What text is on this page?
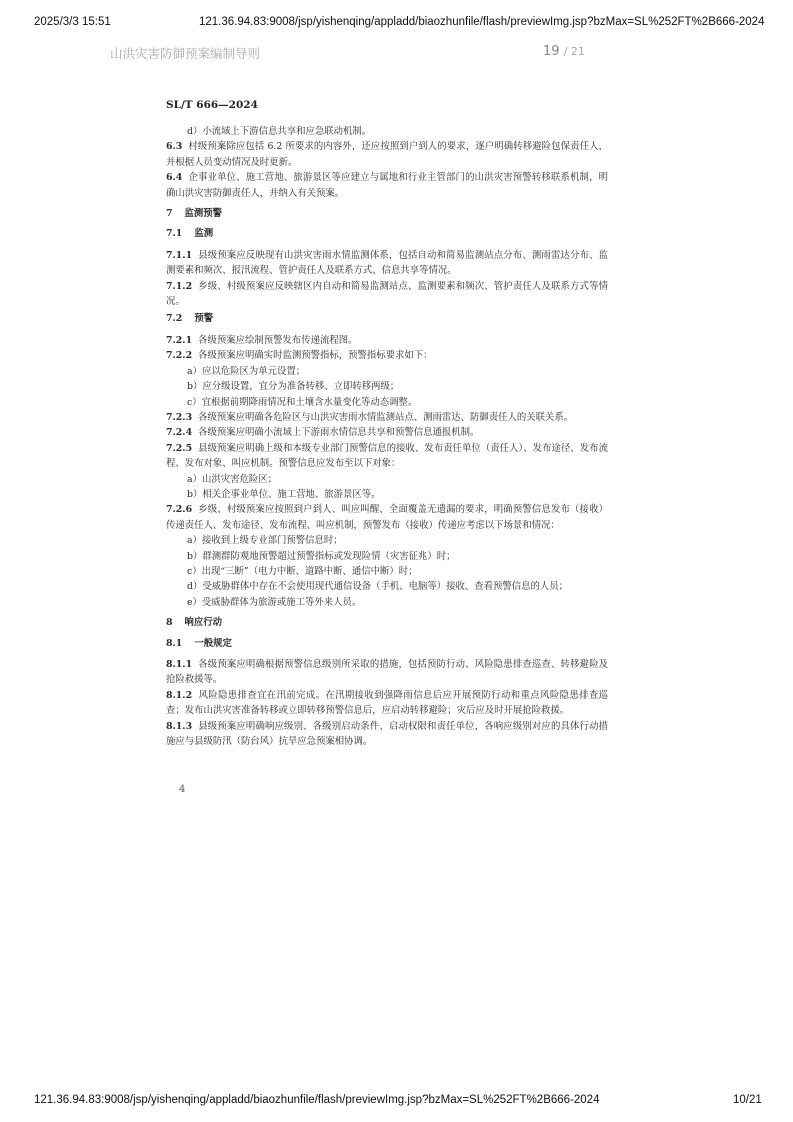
2025/3/3 15:51	121.36.94.83:9008/jsp/yishenqing/appladd/biaozhunfile/flash/previewImg.jsp?bzMax=SL%252FT%2B666-2024
山洪灾害防御预案编制导则	19 / 21
SL/T 666—2024

d）小流域上下游信息共享和应急联动机制。

6.3 村级预案除应包括 6.2 所要求的内容外，还应按照到户到人的要求，逐户明确转移避险包保责任人，并根据人员变动情况及时更新。

6.4 企事业单位、施工营地、旅游景区等应建立与属地和行业主管部门的山洪灾害预警转移联系机制，明确山洪灾害防御责任人，并纳入有关预案。

7 监测预警

7.1 监测

7.1.1 县级预案应反映现有山洪灾害雨水情监测体系，包括自动和简易监测站点分布、测雨雷达分布、监测要素和频次、报汛流程、管护责任人及联系方式、信息共享等情况。

7.1.2 乡级、村级预案应反映辖区内自动和简易监测站点、监测要素和频次、管护责任人及联系方式等情况。

7.2 预警

7.2.1 各级预案应绘制预警发布传递流程图。

7.2.2 各级预案应明确实时监测预警指标，预警指标要求如下：

a）应以危险区为单元设置；

b）应分级设置，宜分为准备转移、立即转移两级；

c）宜根据前期降雨情况和土壤含水量变化等动态调整。

7.2.3 各级预案应明确各危险区与山洪灾害雨水情监测站点、测雨雷达、防御责任人的关联关系。

7.2.4 各级预案应明确小流域上下游雨水情信息共享和预警信息通报机制。

7.2.5 县级预案应明确上级和本级专业部门预警信息的接收、发布责任单位（责任人）、发布途径、发布流程、发布对象、叫应机制。预警信息应发布至以下对象：

a）山洪灾害危险区；

b）相关企事业单位、施工营地、旅游景区等。

7.2.6 乡级、村级预案应按照到户到人、叫应叫醒、全面覆盖无遗漏的要求，明确预警信息发布（接收）传递责任人、发布途径、发布流程、叫应机制，预警发布（接收）传递应考虑以下场景和情况：

a）接收到上级专业部门预警信息时；

b）群测群防观地预警超过预警指标或发现险情（灾害征兆）时；

c）出现“三断”（电力中断、道路中断、通信中断）时；

d）受威胁群体中存在不会使用现代通信设备（手机、电脑等）接收、查看预警信息的人员；

e）受威胁群体为旅游或施工等外来人员。

8 响应行动

8.1 一般规定

8.1.1 各级预案应明确根据预警信息级别所采取的措施，包括预防行动、风险隐患排查巡查、转移避险及抢险救援等。

8.1.2 风险隐患排查宜在汛前完成。在汛期接收到强降雨信息后应开展预防行动和重点风险隐患排查巡查；发布山洪灾害准备转移或立即转移预警信息后，应启动转移避险；灾后应及时开展抢险救援。

8.1.3 县级预案应明确响应级别、各级别启动条件、启动权限和责任单位，各响应级别对应的具体行动措施应与县级防汛（防台风）抗旱应急预案相协调。

4
121.36.94.83:9008/jsp/yishenqing/appladd/biaozhunfile/flash/previewImg.jsp?bzMax=SL%252FT%2B666-2024	10/21
